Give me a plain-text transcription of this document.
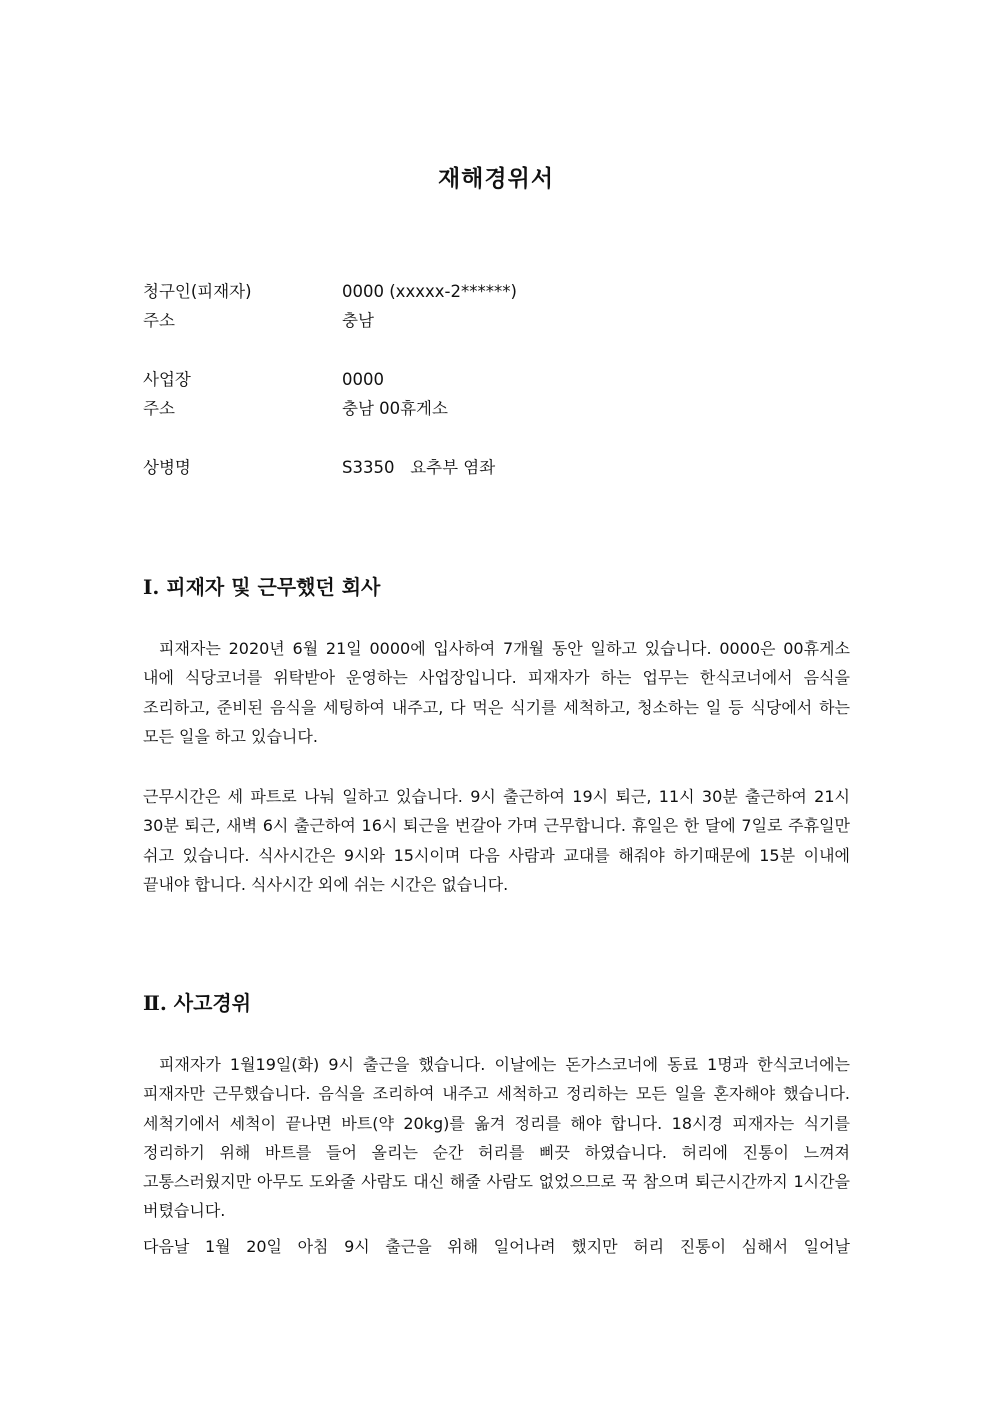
재해경위서
청구인(피재자)	0000 (xxxxx-2******)
주소	충남
사업장	0000
주소	충남 00휴게소
상병명	S3350   요추부 염좌
Ⅰ. 피재자 및 근무했던 회사

피재자는 2020년 6월 21일 0000에 입사하여 7개월 동안 일하고 있습니다. 0000은 00휴게소 내에 식당코너를 위탁받아 운영하는 사업장입니다. 피재자가 하는 업무는 한식코너에서 음식을 조리하고, 준비된 음식을 세팅하여 내주고, 다 먹은 식기를 세척하고, 청소하는 일 등 식당에서 하는 모든 일을 하고 있습니다.

근무시간은 세 파트로 나눠 일하고 있습니다. 9시 출근하여 19시 퇴근, 11시 30분 출근하여 21시 30분 퇴근, 새벽 6시 출근하여 16시 퇴근을 번갈아 가며 근무합니다. 휴일은 한 달에 7일로 주휴일만 쉬고 있습니다. 식사시간은 9시와 15시이며 다음 사람과 교대를 해줘야 하기때문에 15분 이내에 끝내야 합니다. 식사시간 외에 쉬는 시간은 없습니다.

Ⅱ. 사고경위

피재자가 1월19일(화) 9시 출근을 했습니다. 이날에는 돈가스코너에 동료 1명과 한식코너에는 피재자만 근무했습니다. 음식을 조리하여 내주고 세척하고 정리하는 모든 일을 혼자해야 했습니다. 세척기에서 세척이 끝나면 바트(약 20kg)를 옮겨 정리를 해야 합니다. 18시경 피재자는 식기를 정리하기 위해 바트를 들어 올리는 순간 허리를 삐끗 하였습니다. 허리에 진통이 느껴져 고통스러웠지만 아무도 도와줄 사람도 대신 해줄 사람도 없었으므로 꾹 참으며 퇴근시간까지 1시간을 버텼습니다.

다음날 1월 20일 아침 9시 출근을 위해 일어나려 했지만 허리 진통이 심해서 일어날
